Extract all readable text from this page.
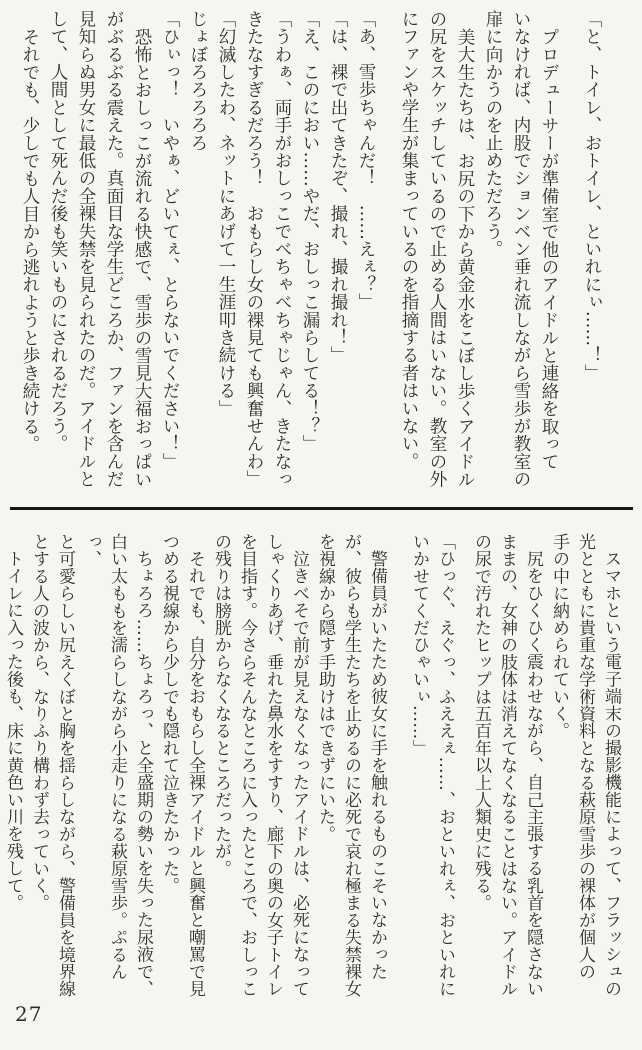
「と、トイレ、おトイレ、といれにぃ……！」

プロデューサーが準備室で他のアイドルと連絡を取って

いなければ、内股でションベン垂れ流しながら雪歩が教室の

扉に向かうのを止めただろう。

美大生たちは、お尻の下から黄金水をこぼし歩くアイドル

の尻をスケッチしているので止める人間はいない。教室の外

にファンや学生が集まっているのを指摘する者はいない。

「あ、雪歩ちゃんだ！　……えぇ？」

「は、裸で出てきたぞ、撮れ、撮れ撮れ！」

「え、このにおい……やだ、おしっこ漏らしてる！？」

「うわぁ、両手がおしっこでべちゃべちゃじゃん、きたなっ

きたなすぎるだろう！　おもらし女の裸見ても興奮せんわ」

「幻滅したわ、ネットにあげて一生涯叩き続ける」

じょぼろろろろろ

「ひぃっ！　いやぁ、どいてぇ、とらないでください！」

恐怖とおしっこが流れる快感で、雪歩の雪見大福おっぱい

がぶるぶる震えた。真面目な学生どころか、ファンを含んだ

見知らぬ男女に最低の全裸失禁を見られたのだ。アイドルと

して、人間として死んだ後も笑いものにされるだろう。

それでも、少しでも人目から逃れようと歩き続ける。

スマホという電子端末の撮影機能によって、フラッシュの

光とともに貴重な学術資料となる萩原雪歩の裸体が個人の

手の中に納められていく。

尻をひくひく震わせながら、自己主張する乳首を隠さない

ままの、女神の肢体は消えてなくなることはない。アイドル

の尿で汚れたヒップは五百年以上人類史に残る。

「ひっぐ、えぐっ、ふええぇ……、おといれぇ、おといれに

いかせてくだひゃいぃ……」

警備員がいたため彼女に手を触れるものこそいなかった

が、彼らも学生たちを止めるのに必死で哀れ極まる失禁裸女

を視線から隠す手助けはできずにいた。

泣きべそで前が見えなくなったアイドルは、必死になって

しゃくりあげ、垂れた鼻水をすすり、廊下の奥の女子トイレ

を目指す。今さらそんなところに入ったところで、おしっこ

の残りは膀胱からなくなるところだったが。

それでも、自分をおもらし全裸アイドルと興奮と嘲罵で見

つめる視線から少しでも隠れて泣きたかった。

ちょろろ……ちょろっ、と全盛期の勢いを失った尿液で、

白い太ももを濡らしながら小走りになる萩原雪歩。ぷるんっ、

と可愛らしい尻えくぼと胸を揺らしながら、警備員を境界線

とする人の波から、なりふり構わず去っていく。

トイレに入った後も、床に黄色い川を残して。

27
